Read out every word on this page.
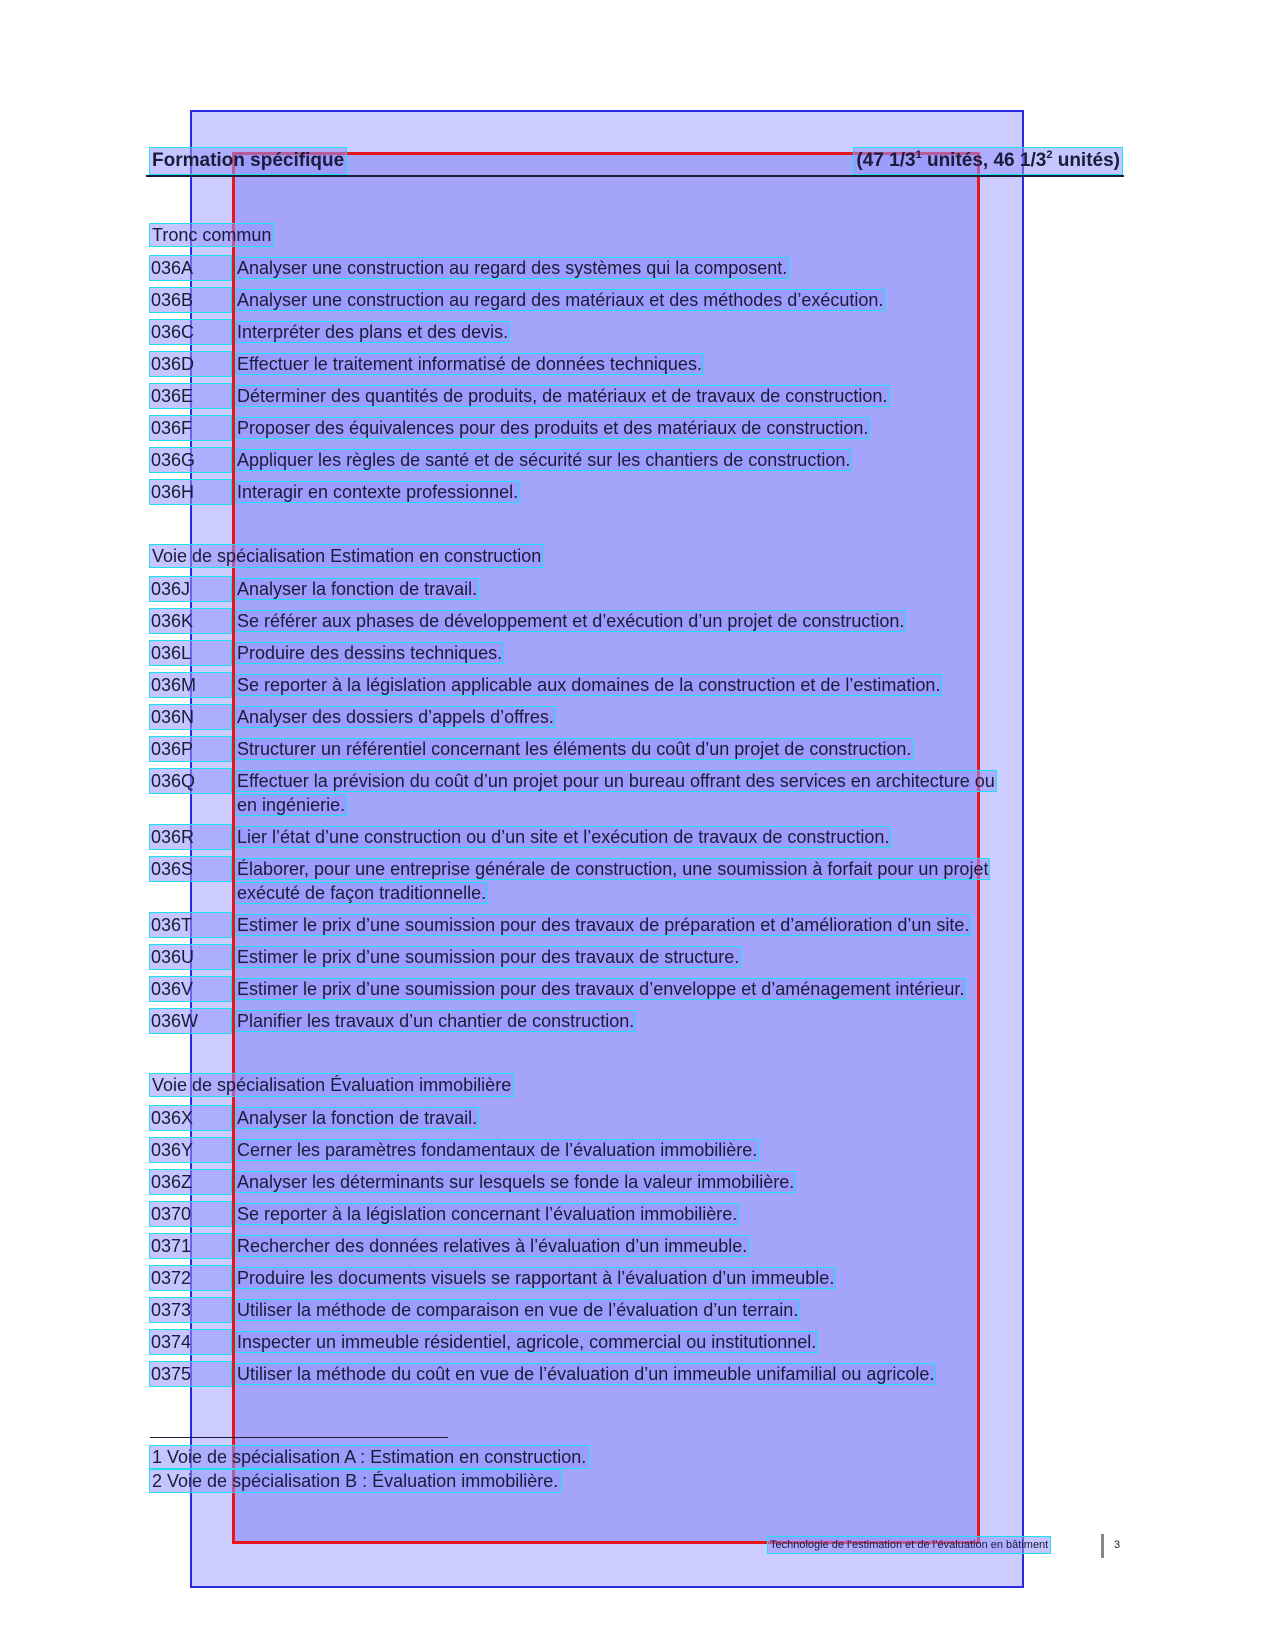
Formation spécifique	(47 $1/3^1$ unités, 46 $1/3^2$ unités)
Tronc commun
036A	Analyser une construction au regard des systèmes qui la composent.
036B	Analyser une construction au regard des matériaux et des méthodes d’exécution.
036C	Interpréter des plans et des devis.
036D	Effectuer le traitement informatisé de données techniques.
036E	Déterminer des quantités de produits, de matériaux et de travaux de construction.
036F	Proposer des équivalences pour des produits et des matériaux de construction.
036G	Appliquer les règles de santé et de sécurité sur les chantiers de construction.
036H	Interagir en contexte professionnel.
Voie de spécialisation Estimation en construction
036J	Analyser la fonction de travail.
036K	Se référer aux phases de développement et d’exécution d’un projet de construction.
036L	Produire des dessins techniques.
036M	Se reporter à la législation applicable aux domaines de la construction et de l’estimation.
036N	Analyser des dossiers d’appels d’offres.
036P	Structurer un référentiel concernant les éléments du coût d’un projet de construction.
036Q	Effectuer la prévision du coût d’un projet pour un bureau offrant des services en architecture ou
en ingénierie.
036R	Lier l’état d’une construction ou d’un site et l’exécution de travaux de construction.
036S	Élaborer, pour une entreprise générale de construction, une soumission à forfait pour un projet
exécuté de façon traditionnelle.
036T	Estimer le prix d’une soumission pour des travaux de préparation et d’amélioration d’un site.
036U	Estimer le prix d’une soumission pour des travaux de structure.
036V	Estimer le prix d’une soumission pour des travaux d’enveloppe et d’aménagement intérieur.
036W	Planifier les travaux d’un chantier de construction.
Voie de spécialisation Évaluation immobilière
036X	Analyser la fonction de travail.
036Y	Cerner les paramètres fondamentaux de l’évaluation immobilière.
036Z	Analyser les déterminants sur lesquels se fonde la valeur immobilière.
0370	Se reporter à la législation concernant l’évaluation immobilière.
0371	Rechercher des données relatives à l’évaluation d’un immeuble.
0372	Produire les documents visuels se rapportant à l’évaluation d’un immeuble.
0373	Utiliser la méthode de comparaison en vue de l’évaluation d’un terrain.
0374	Inspecter un immeuble résidentiel, agricole, commercial ou institutionnel.
0375	Utiliser la méthode du coût en vue de l’évaluation d’un immeuble unifamilial ou agricole.
1 Voie de spécialisation A : Estimation en construction.
2 Voie de spécialisation B : Évaluation immobilière.
Technologie de l’estimation et de l’évaluation en bâtiment	3
